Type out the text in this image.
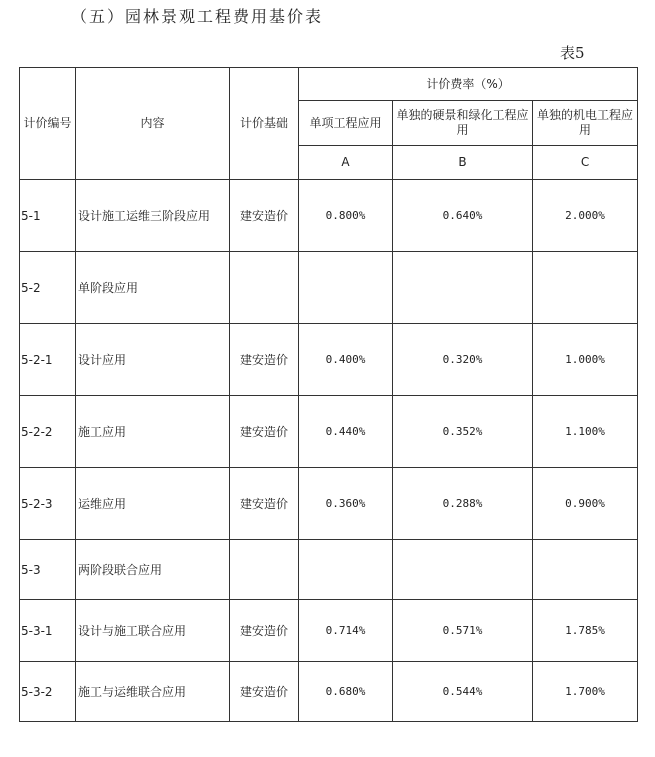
（五）园林景观工程费用基价表
表5
计价编号	内容	计价基础	计价费率（%）		
			单项工程应用	单独的硬景和绿化工程应用	单独的机电工程应用
			A	B	C
5-1	设计施工运维三阶段应用	建安造价	0.800%	0.640%	2.000%
5-2	单阶段应用				
5-2-1	设计应用	建安造价	0.400%	0.320%	1.000%
5-2-2	施工应用	建安造价	0.440%	0.352%	1.100%
5-2-3	运维应用	建安造价	0.360%	0.288%	0.900%
5-3	两阶段联合应用				
5-3-1	设计与施工联合应用	建安造价	0.714%	0.571%	1.785%
5-3-2	施工与运维联合应用	建安造价	0.680%	0.544%	1.700%
